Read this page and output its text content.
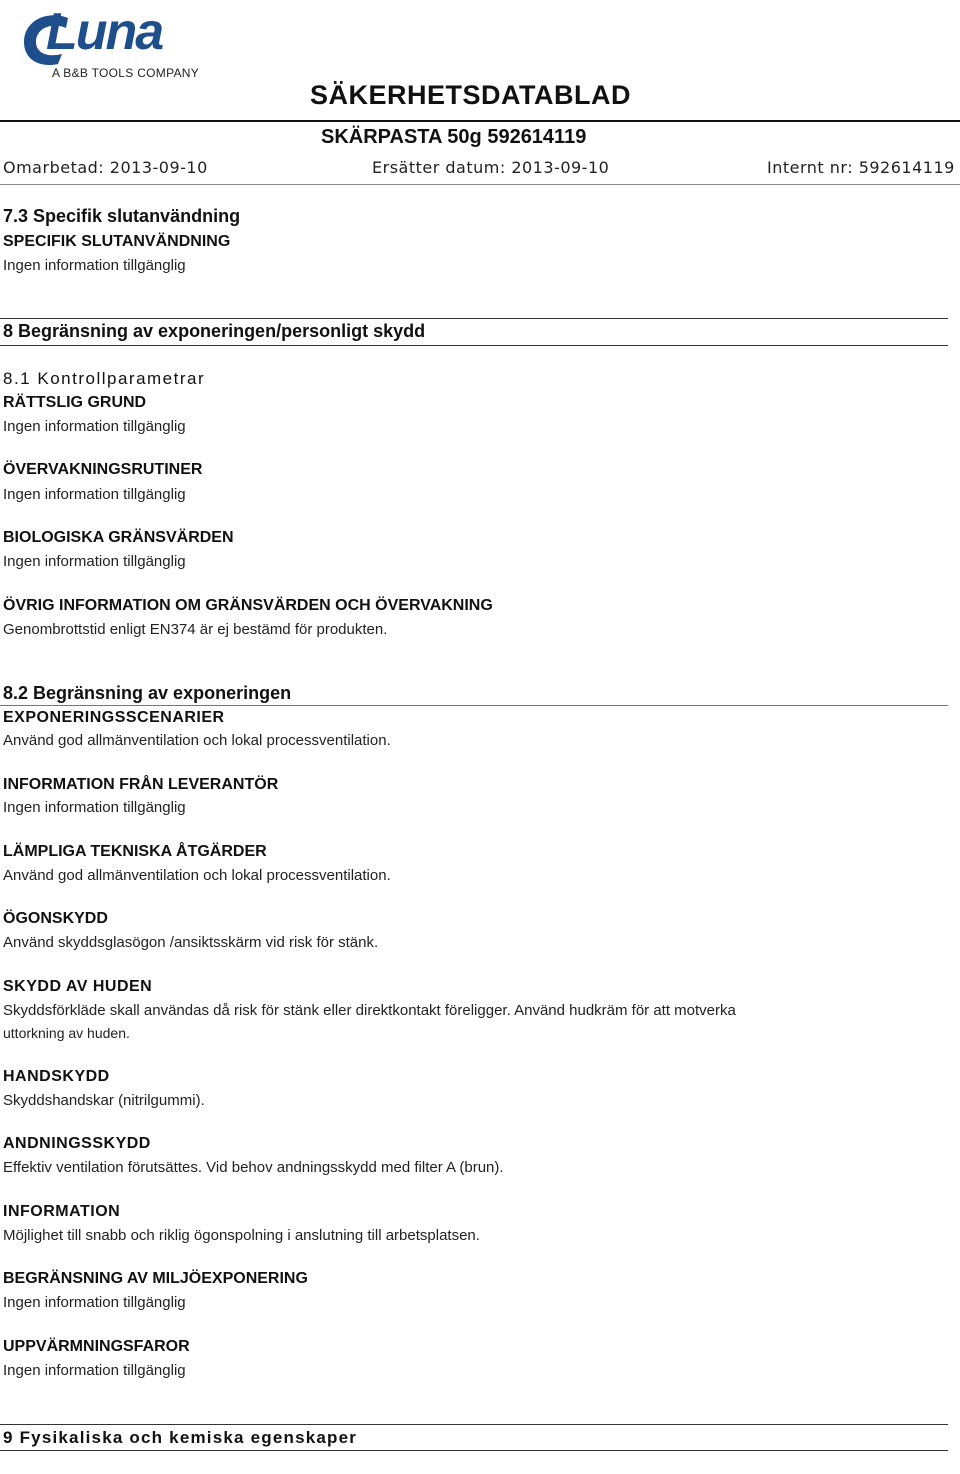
Luna
A B&B TOOLS COMPANY
SÄKERHETSDATABLAD
SKÄRPASTA 50g 592614119
Omarbetad: 2013-09-10	Ersätter datum: 2013-09-10	Internt nr: 592614119
7.3 Specifik slutanvändning
SPECIFIK SLUTANVÄNDNING
Ingen information tillgänglig
8 Begränsning av exponeringen/personligt skydd
8.1 Kontrollparametrar
RÄTTSLIG GRUND
Ingen information tillgänglig
ÖVERVAKNINGSRUTINER
Ingen information tillgänglig
BIOLOGISKA GRÄNSVÄRDEN
Ingen information tillgänglig
ÖVRIG INFORMATION OM GRÄNSVÄRDEN OCH ÖVERVAKNING
Genombrottstid enligt EN374 är ej bestämd för produkten.
8.2 Begränsning av exponeringen
EXPONERINGSSCENARIER
Använd god allmänventilation och lokal processventilation.
INFORMATION FRÅN LEVERANTÖR
Ingen information tillgänglig
LÄMPLIGA TEKNISKA ÅTGÄRDER
Använd god allmänventilation och lokal processventilation.
ÖGONSKYDD
Använd skyddsglasögon /ansiktsskärm vid risk för stänk.
SKYDD AV HUDEN
Skyddsförkläde skall användas då risk för stänk eller direktkontakt föreligger. Använd hudkräm för att motverka
uttorkning av huden.
HANDSKYDD
Skyddshandskar (nitrilgummi).
ANDNINGSSKYDD
Effektiv ventilation förutsättes. Vid behov andningsskydd med filter A (brun).
INFORMATION
Möjlighet till snabb och riklig ögonspolning i anslutning till arbetsplatsen.
BEGRÄNSNING AV MILJÖEXPONERING
Ingen information tillgänglig
UPPVÄRMNINGSFAROR
Ingen information tillgänglig
9 Fysikaliska och kemiska egenskaper
